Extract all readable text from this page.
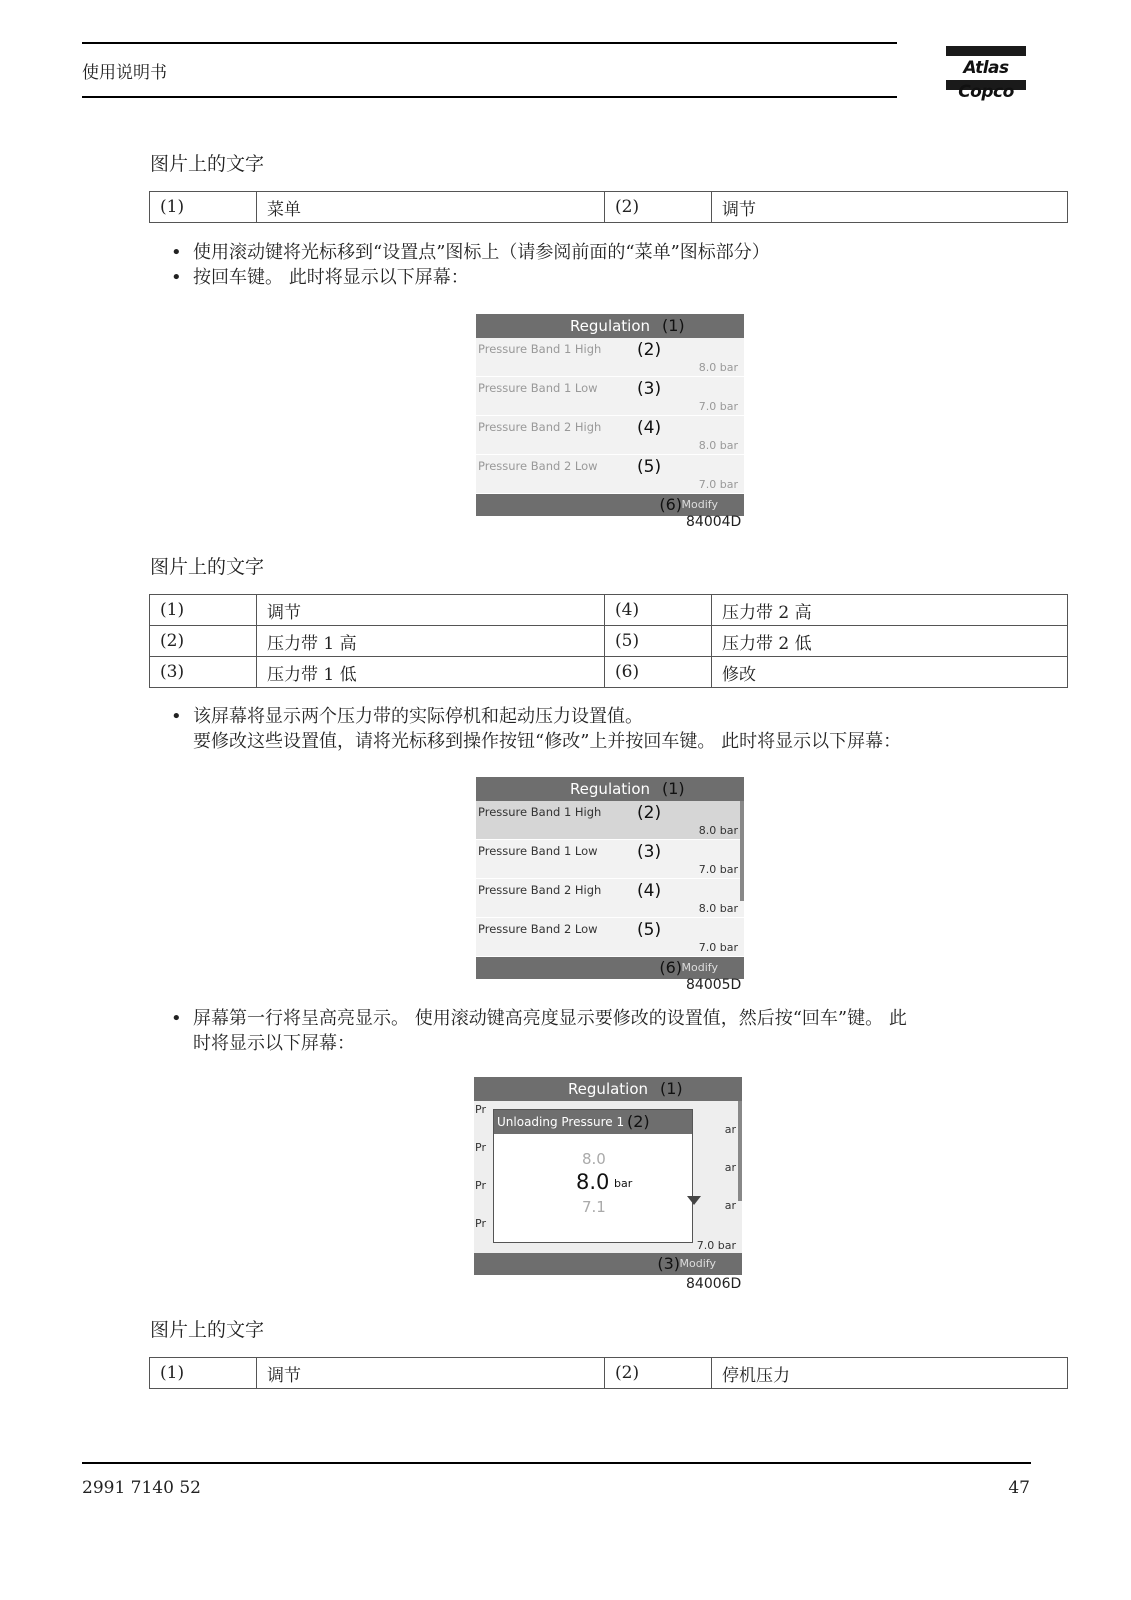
使用说明书	Atlas Copco
图片上的文字
(1)	菜单	(2)	调节
• 使用滚动键将光标移到“设置点”图标上（请参阅前面的“菜单”图标部分）
• 按回车键。 此时将显示以下屏幕：
Regulation (1)
Pressure Band 1 High (2)
8.0 bar
Pressure Band 1 Low (3)
7.0 bar
Pressure Band 2 High (4)
8.0 bar
Pressure Band 2 Low (5)
7.0 bar
(6) Modify
84004D
图片上的文字
(1)	调节	(4)	压力带 2 高
(2)	压力带 1 高	(5)	压力带 2 低
(3)	压力带 1 低	(6)	修改
• 该屏幕将显示两个压力带的实际停机和起动压力设置值。
要修改这些设置值，请将光标移到操作按钮“修改”上并按回车键。 此时将显示以下屏幕：
Regulation (1)
Pressure Band 1 High (2)
8.0 bar
Pressure Band 1 Low (3)
7.0 bar
Pressure Band 2 High (4)
8.0 bar
Pressure Band 2 Low (5)
7.0 bar
(6) Modify
84005D
• 屏幕第一行将呈高亮显示。 使用滚动键高亮度显示要修改的设置值，然后按“回车”键。 此
时将显示以下屏幕：
Regulation (1)
Pr
Pr
Pr
Pr
ar
ar
ar
7.0 bar
Unloading Pressure 1 (2)
8.0
8.0 bar
7.1
(3) Modify
84006D
图片上的文字
(1)	调节	(2)	停机压力
2991 7140 52	47
